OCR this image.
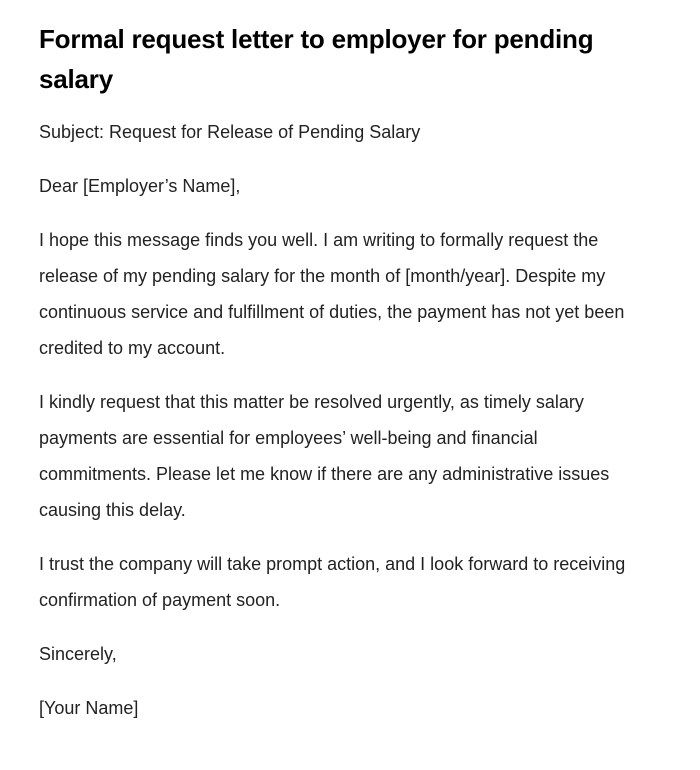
Formal request letter to employer for pending salary

Subject: Request for Release of Pending Salary

Dear [Employer’s Name],

I hope this message finds you well. I am writing to formally request the release of my pending salary for the month of [month/year]. Despite my continuous service and fulfillment of duties, the payment has not yet been credited to my account.

I kindly request that this matter be resolved urgently, as timely salary payments are essential for employees’ well-being and financial commitments. Please let me know if there are any administrative issues causing this delay.

I trust the company will take prompt action, and I look forward to receiving confirmation of payment soon.

Sincerely,

[Your Name]
